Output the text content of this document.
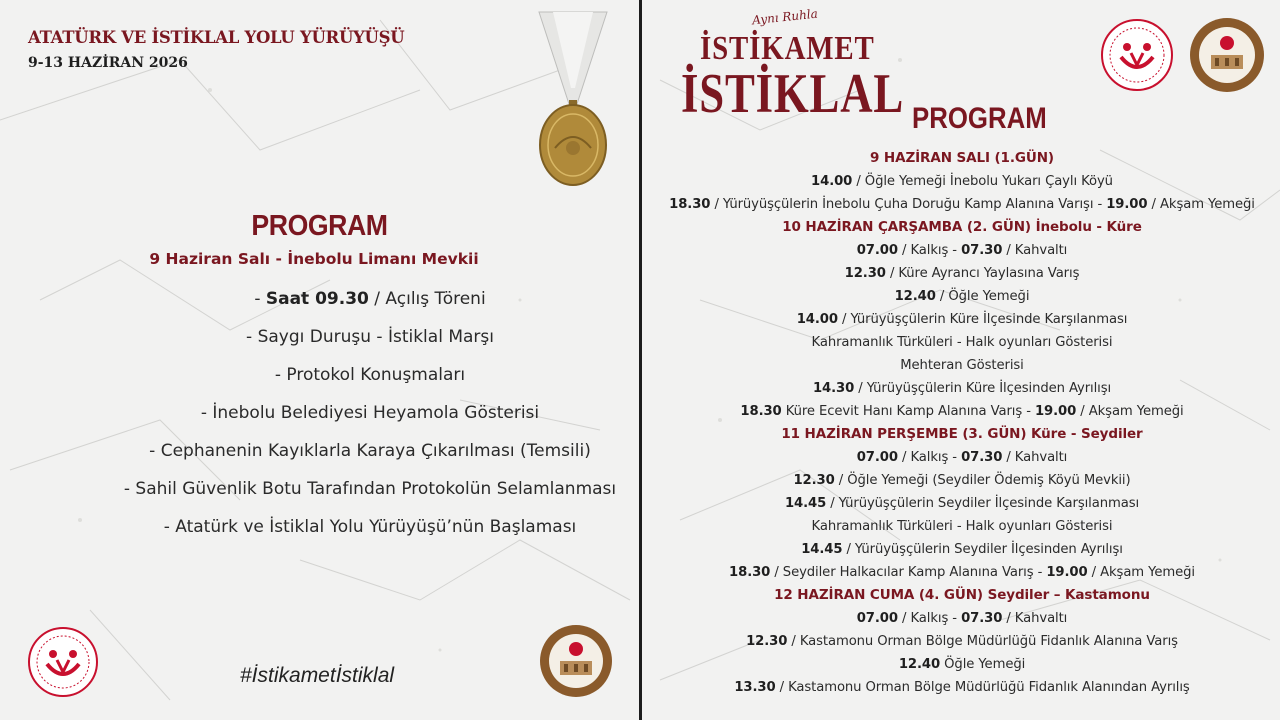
ATATÜRK VE İSTİKLAL YOLU YÜRÜYÜŞÜ
9-13 HAZİRAN 2026
PROGRAM
9 Haziran Salı - İnebolu Limanı Mevkii
- Saat 09.30 / Açılış Töreni
- Saygı Duruşu - İstiklal Marşı
- Protokol Konuşmaları
- İnebolu Belediyesi Heyamola Gösterisi
- Cephanenin Kayıklarla Karaya Çıkarılması (Temsili)
- Sahil Güvenlik Botu Tarafından Protokolün Selamlanması
- Atatürk ve İstiklal Yolu Yürüyüşü’nün Başlaması
#İstikametİstiklal
Aynı Ruhla
İSTİKAMET
İSTİKLAL PROGRAM
9 HAZİRAN SALI (1.GÜN)
14.00 / Öğle Yemeği İnebolu Yukarı Çaylı Köyü
18.30 / Yürüyüşçülerin İnebolu Çuha Doruğu Kamp Alanına Varışı - 19.00 / Akşam Yemeği
10 HAZİRAN ÇARŞAMBA (2. GÜN) İnebolu - Küre
07.00 / Kalkış - 07.30 / Kahvaltı
12.30 / Küre Ayrancı Yaylasına Varış
12.40 / Öğle Yemeği
14.00 / Yürüyüşçülerin Küre İlçesinde Karşılanması
Kahramanlık Türküleri - Halk oyunları Gösterisi
Mehteran Gösterisi
14.30 / Yürüyüşçülerin Küre İlçesinden Ayrılışı
18.30 Küre Ecevit Hanı Kamp Alanına Varış - 19.00 / Akşam Yemeği
11 HAZİRAN PERŞEMBE (3. GÜN) Küre - Seydiler
07.00 / Kalkış - 07.30 / Kahvaltı
12.30 / Öğle Yemeği (Seydiler Ödemiş Köyü Mevkii)
14.45 / Yürüyüşçülerin Seydiler İlçesinde Karşılanması
Kahramanlık Türküleri - Halk oyunları Gösterisi
14.45 / Yürüyüşçülerin Seydiler İlçesinden Ayrılışı
18.30 / Seydiler Halkacılar Kamp Alanına Varış - 19.00 / Akşam Yemeği
12 HAZİRAN CUMA (4. GÜN) Seydiler – Kastamonu
07.00 / Kalkış - 07.30 / Kahvaltı
12.30 / Kastamonu Orman Bölge Müdürlüğü Fidanlık Alanına Varış
12.40 Öğle Yemeği
13.30 / Kastamonu Orman Bölge Müdürlüğü Fidanlık Alanından Ayrılış
